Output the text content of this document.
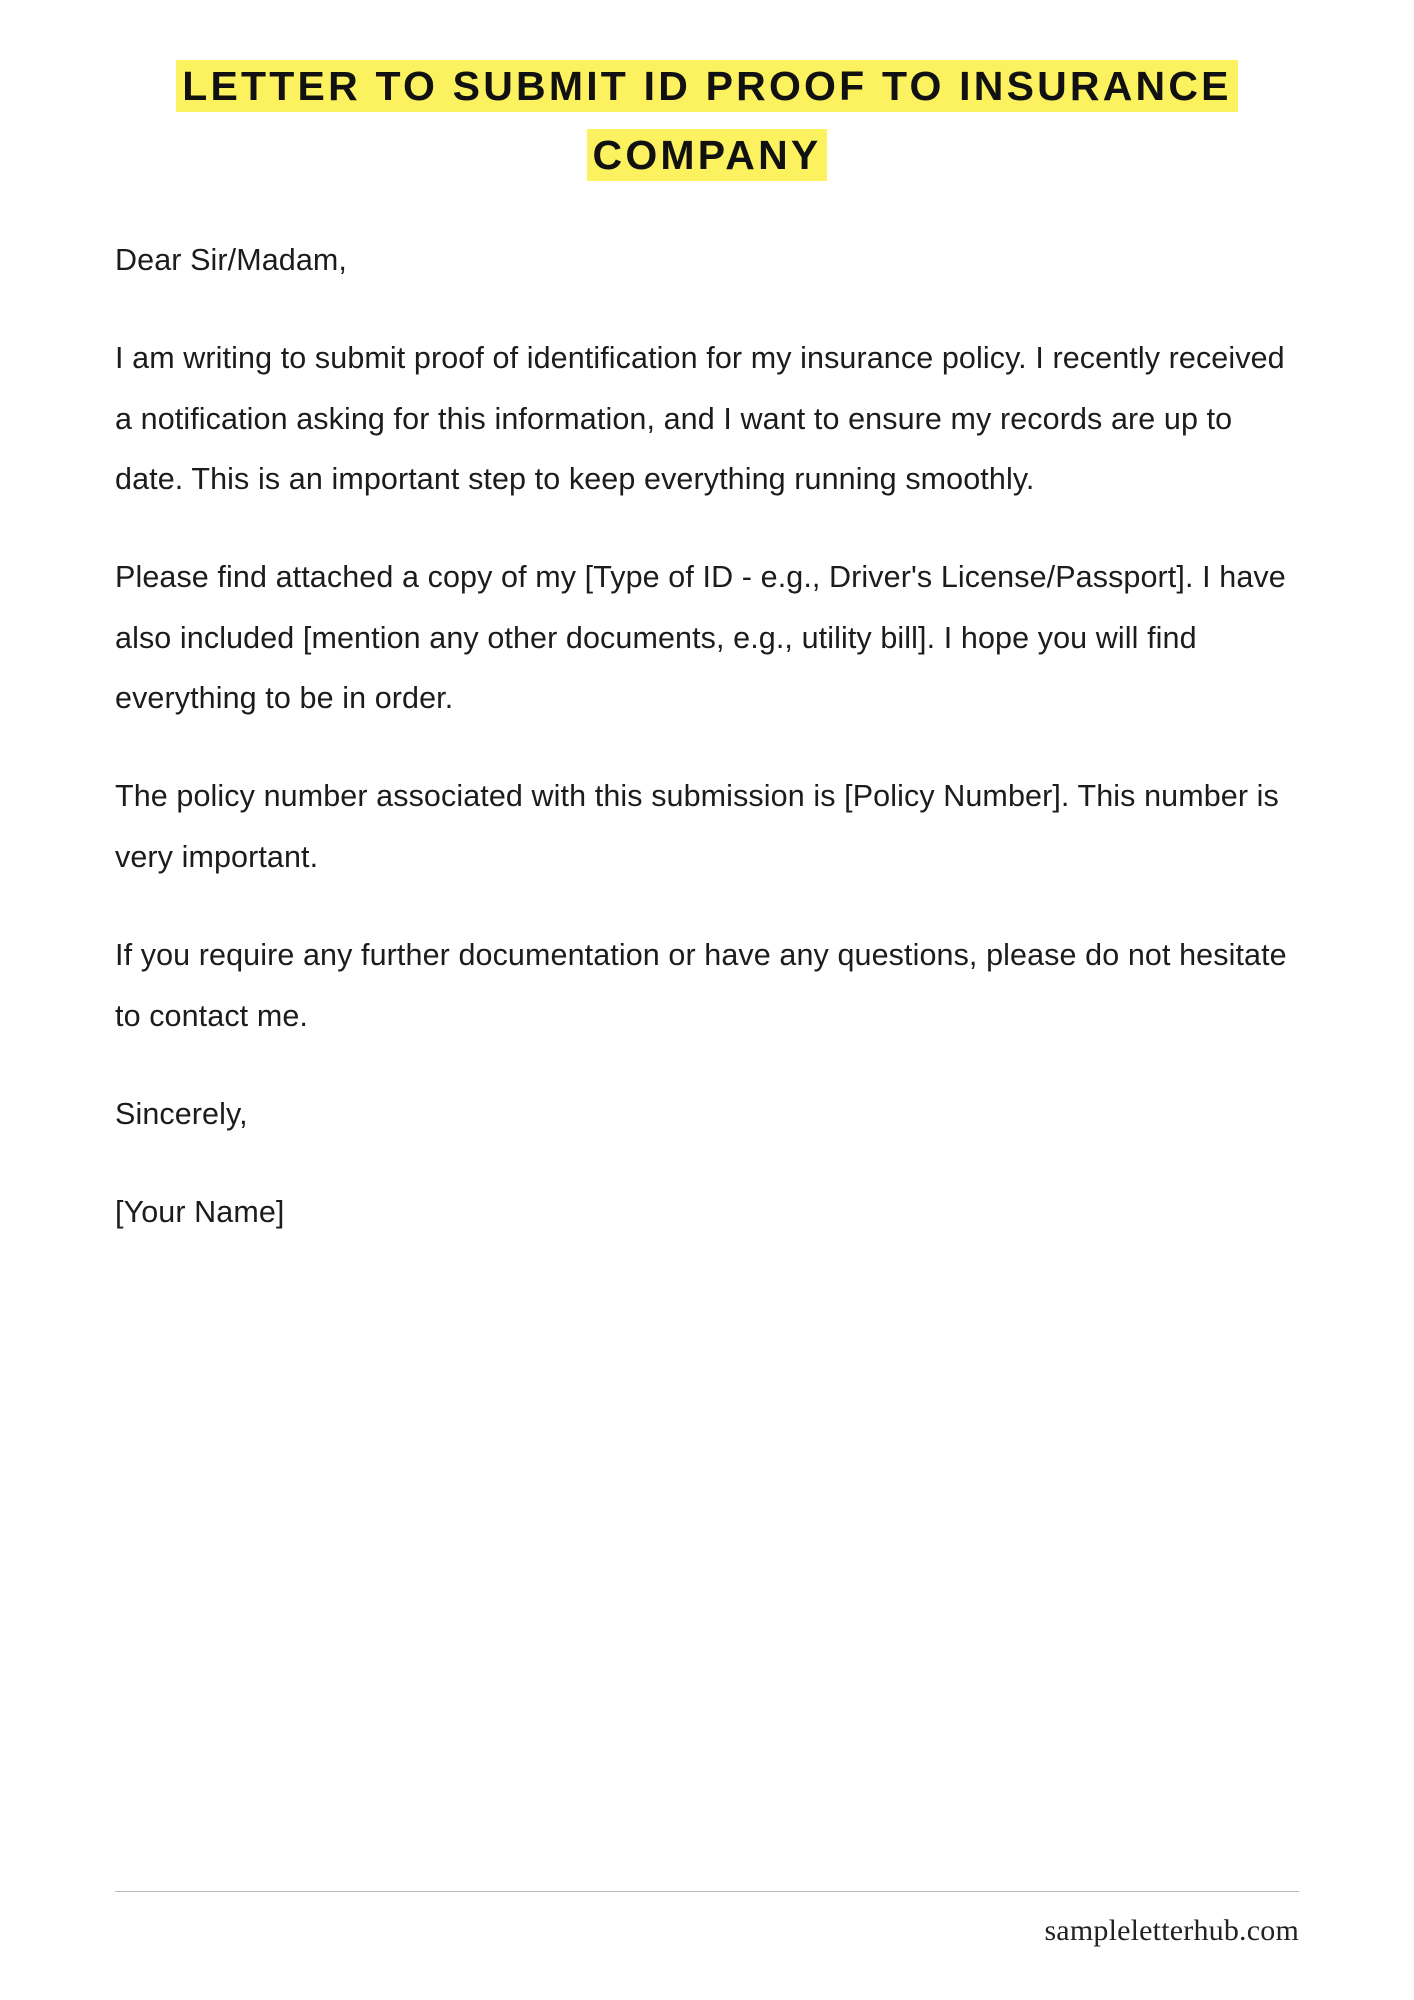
LETTER TO SUBMIT ID PROOF TO INSURANCE COMPANY

Dear Sir/Madam,

I am writing to submit proof of identification for my insurance policy. I recently received a notification asking for this information, and I want to ensure my records are up to date. This is an important step to keep everything running smoothly.

Please find attached a copy of my [Type of ID - e.g., Driver's License/Passport]. I have also included [mention any other documents, e.g., utility bill]. I hope you will find everything to be in order.

The policy number associated with this submission is [Policy Number]. This number is very important.

If you require any further documentation or have any questions, please do not hesitate to contact me.

Sincerely,

[Your Name]

sampleletterhub.com
